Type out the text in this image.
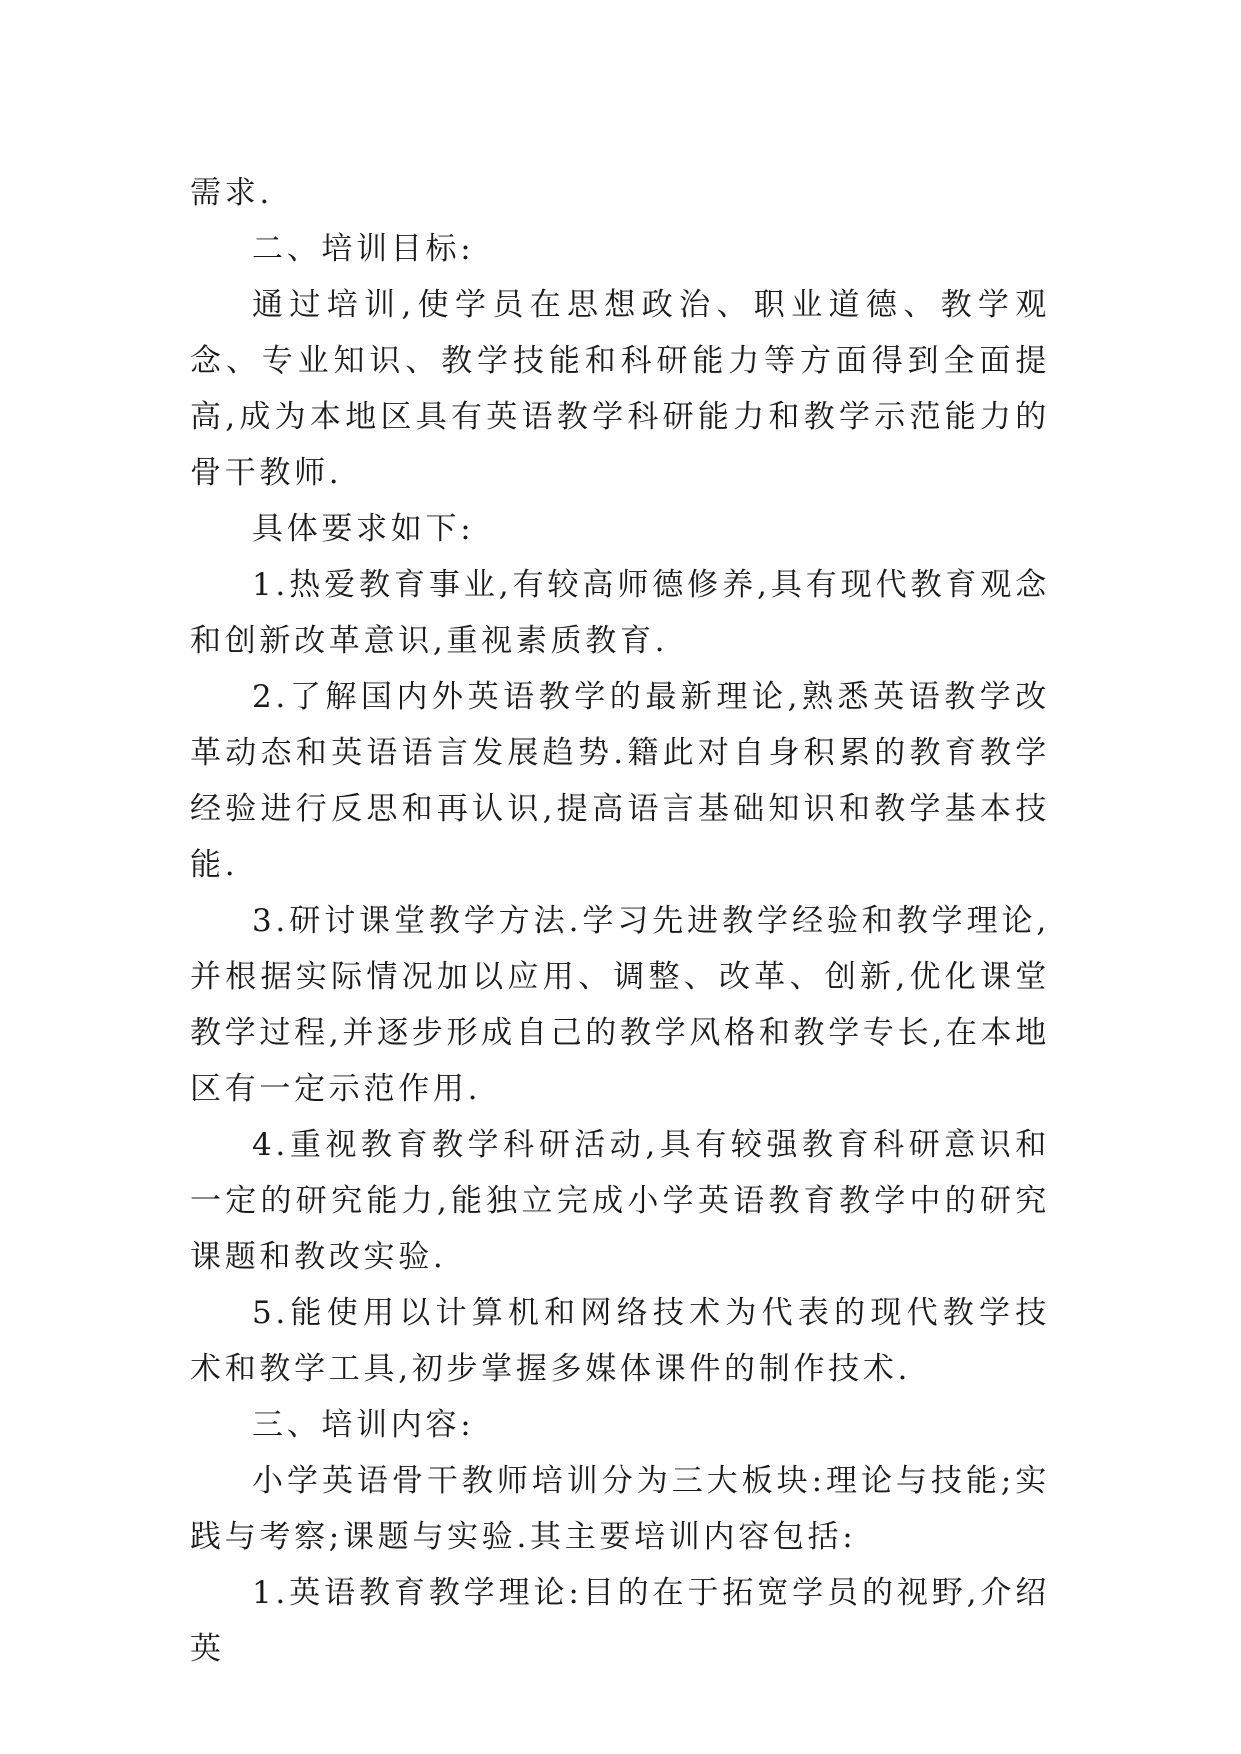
需求.

二、培训目标:

通过培训,使学员在思想政治、职业道德、教学观念、专业知识、教学技能和科研能力等方面得到全面提高,成为本地区具有英语教学科研能力和教学示范能力的骨干教师.

具体要求如下:

1.热爱教育事业,有较高师德修养,具有现代教育观念和创新改革意识,重视素质教育.

2.了解国内外英语教学的最新理论,熟悉英语教学改革动态和英语语言发展趋势.籍此对自身积累的教育教学经验进行反思和再认识,提高语言基础知识和教学基本技能.

3.研讨课堂教学方法.学习先进教学经验和教学理论,并根据实际情况加以应用、调整、改革、创新,优化课堂教学过程,并逐步形成自己的教学风格和教学专长,在本地区有一定示范作用.

4.重视教育教学科研活动,具有较强教育科研意识和一定的研究能力,能独立完成小学英语教育教学中的研究课题和教改实验.

5.能使用以计算机和网络技术为代表的现代教学技术和教学工具,初步掌握多媒体课件的制作技术.

三、培训内容:

小学英语骨干教师培训分为三大板块:理论与技能;实践与考察;课题与实验.其主要培训内容包括:

1.英语教育教学理论:目的在于拓宽学员的视野,介绍英
